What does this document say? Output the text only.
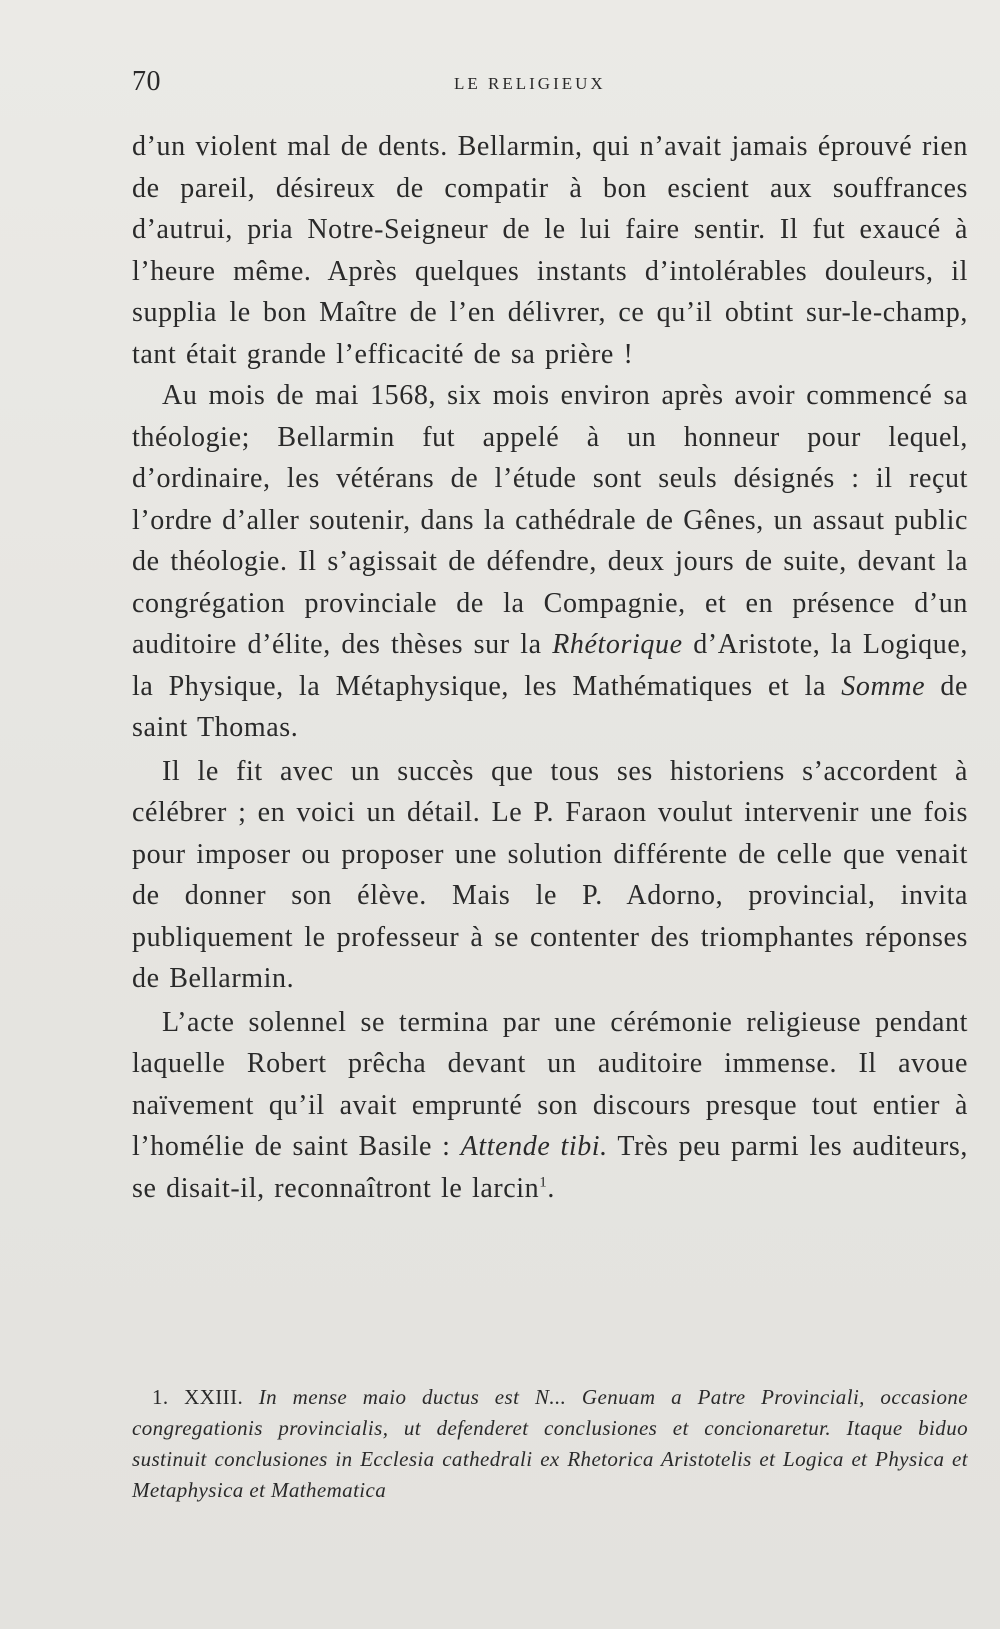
70	LE RELIGIEUX

d’un violent mal de dents. Bellarmin, qui n’avait jamais éprouvé rien de pareil, désireux de compatir à bon escient aux souffrances d’autrui, pria Notre-Seigneur de le lui faire sentir. Il fut exaucé à l’heure même. Après quelques instants d’intolérables douleurs, il supplia le bon Maître de l’en délivrer, ce qu’il obtint sur-le-champ, tant était grande l’efficacité de sa prière !

Au mois de mai 1568, six mois environ après avoir commencé sa théologie; Bellarmin fut appelé à un honneur pour lequel, d’ordinaire, les vétérans de l’étude sont seuls désignés : il reçut l’ordre d’aller soutenir, dans la cathédrale de Gênes, un assaut public de théologie. Il s’agissait de défendre, deux jours de suite, devant la congrégation provinciale de la Compagnie, et en présence d’un auditoire d’élite, des thèses sur la Rhétorique d’Aristote, la Logique, la Physique, la Métaphysique, les Mathématiques et la Somme de saint Thomas.

Il le fit avec un succès que tous ses historiens s’accordent à célébrer ; en voici un détail. Le P. Faraon voulut intervenir une fois pour imposer ou proposer une solution différente de celle que venait de donner son élève. Mais le P. Adorno, provincial, invita publiquement le professeur à se contenter des triomphantes réponses de Bellarmin.

L’acte solennel se termina par une cérémonie religieuse pendant laquelle Robert prêcha devant un auditoire immense. Il avoue naïvement qu’il avait emprunté son discours presque tout entier à l’homélie de saint Basile : Attende tibi. Très peu parmi les auditeurs, se disait-il, reconnaîtront le larcin$^1$.

1. XXIII. In mense maio ductus est N... Genuam a Patre Provinciali, occasione congregationis provincialis, ut defenderet conclusiones et concionaretur. Itaque biduo sustinuit conclusiones in Ecclesia cathedrali ex Rhetorica Aristotelis et Logica et Physica et Metaphysica et Mathematica
